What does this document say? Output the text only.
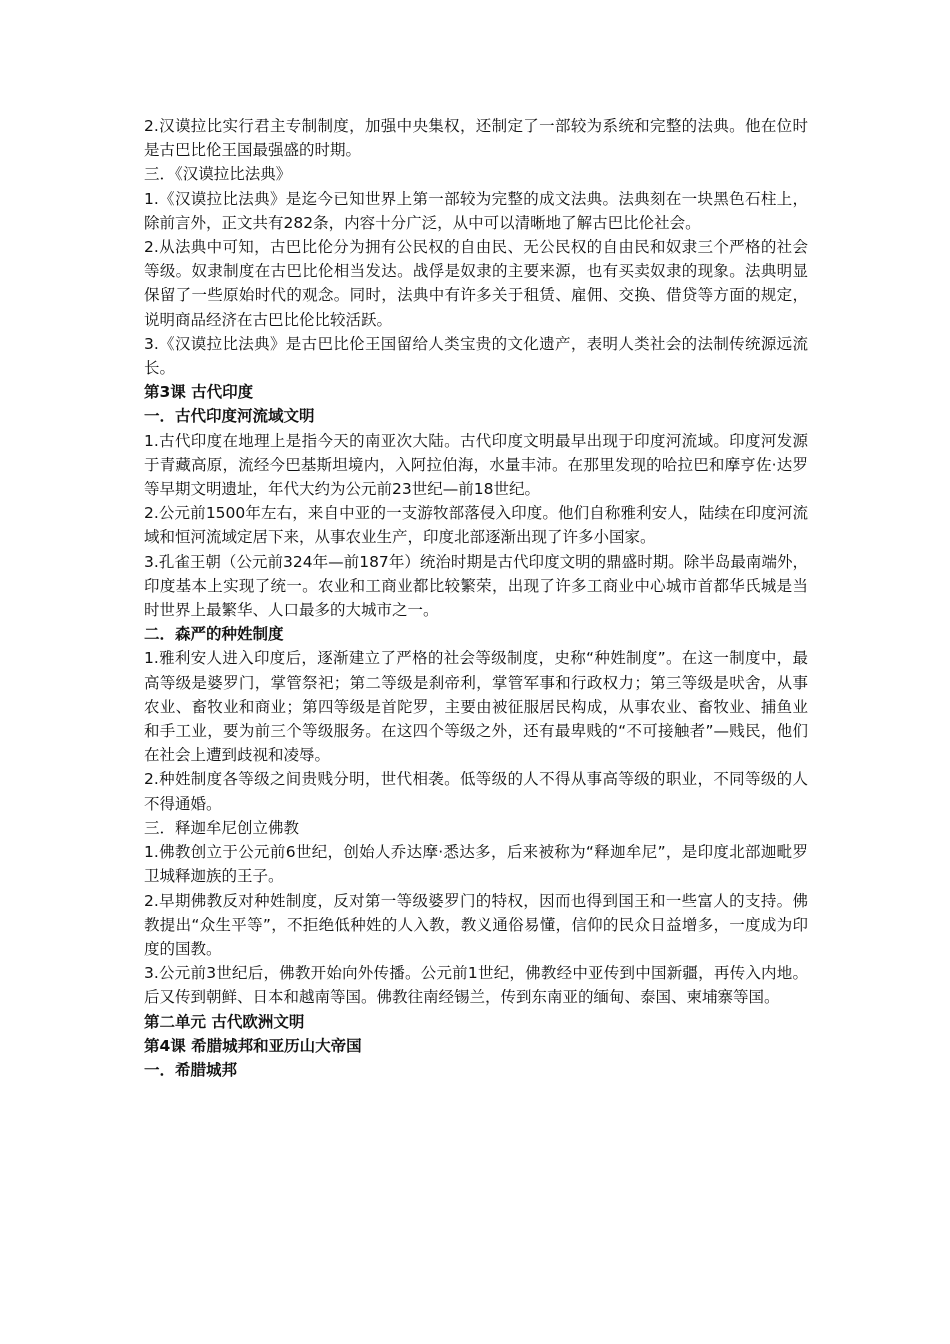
2.汉谟拉比实行君主专制制度，加强中央集权，还制定了一部较为系统和完整的法典。他在位时是古巴比伦王国最强盛的时期。

三．《汉谟拉比法典》

1.《汉谟拉比法典》是迄今已知世界上第一部较为完整的成文法典。法典刻在一块黑色石柱上，除前言外，正文共有282条，内容十分广泛，从中可以清晰地了解古巴比伦社会。

2.从法典中可知，古巴比伦分为拥有公民权的自由民、无公民权的自由民和奴隶三个严格的社会等级。奴隶制度在古巴比伦相当发达。战俘是奴隶的主要来源，也有买卖奴隶的现象。法典明显保留了一些原始时代的观念。同时，法典中有许多关于租赁、雇佣、交换、借贷等方面的规定，说明商品经济在古巴比伦比较活跃。

3.《汉谟拉比法典》是古巴比伦王国留给人类宝贵的文化遗产，表明人类社会的法制传统源远流长。

第3课 古代印度

一．古代印度河流域文明

1.古代印度在地理上是指今天的南亚次大陆。古代印度文明最早出现于印度河流域。印度河发源于青藏高原，流经今巴基斯坦境内，入阿拉伯海，水量丰沛。在那里发现的哈拉巴和摩亨佐·达罗等早期文明遗址，年代大约为公元前23世纪—前18世纪。

2.公元前1500年左右，来自中亚的一支游牧部落侵入印度。他们自称雅利安人，陆续在印度河流域和恒河流域定居下来，从事农业生产，印度北部逐渐出现了许多小国家。

3.孔雀王朝（公元前324年—前187年）统治时期是古代印度文明的鼎盛时期。除半岛最南端外，印度基本上实现了统一。农业和工商业都比较繁荣，出现了许多工商业中心城市首都华氏城是当时世界上最繁华、人口最多的大城市之一。

二．森严的种姓制度

1.雅利安人进入印度后，逐渐建立了严格的社会等级制度，史称“种姓制度”。在这一制度中，最高等级是婆罗门，掌管祭祀；第二等级是刹帝利，掌管军事和行政权力；第三等级是吠舍，从事农业、畜牧业和商业；第四等级是首陀罗，主要由被征服居民构成，从事农业、畜牧业、捕鱼业和手工业，要为前三个等级服务。在这四个等级之外，还有最卑贱的“不可接触者”—贱民，他们在社会上遭到歧视和凌辱。

2.种姓制度各等级之间贵贱分明，世代相袭。低等级的人不得从事高等级的职业，不同等级的人不得通婚。

三．释迦牟尼创立佛教

1.佛教创立于公元前6世纪，创始人乔达摩·悉达多，后来被称为“释迦牟尼”，是印度北部迦毗罗卫城释迦族的王子。

2.早期佛教反对种姓制度，反对第一等级婆罗门的特权，因而也得到国王和一些富人的支持。佛教提出“众生平等”，不拒绝低种姓的人入教，教义通俗易懂，信仰的民众日益增多，一度成为印度的国教。

3.公元前3世纪后，佛教开始向外传播。公元前1世纪，佛教经中亚传到中国新疆，再传入内地。后又传到朝鲜、日本和越南等国。佛教往南经锡兰，传到东南亚的缅甸、泰国、柬埔寨等国。

第二单元 古代欧洲文明

第4课 希腊城邦和亚历山大帝国

一．希腊城邦
